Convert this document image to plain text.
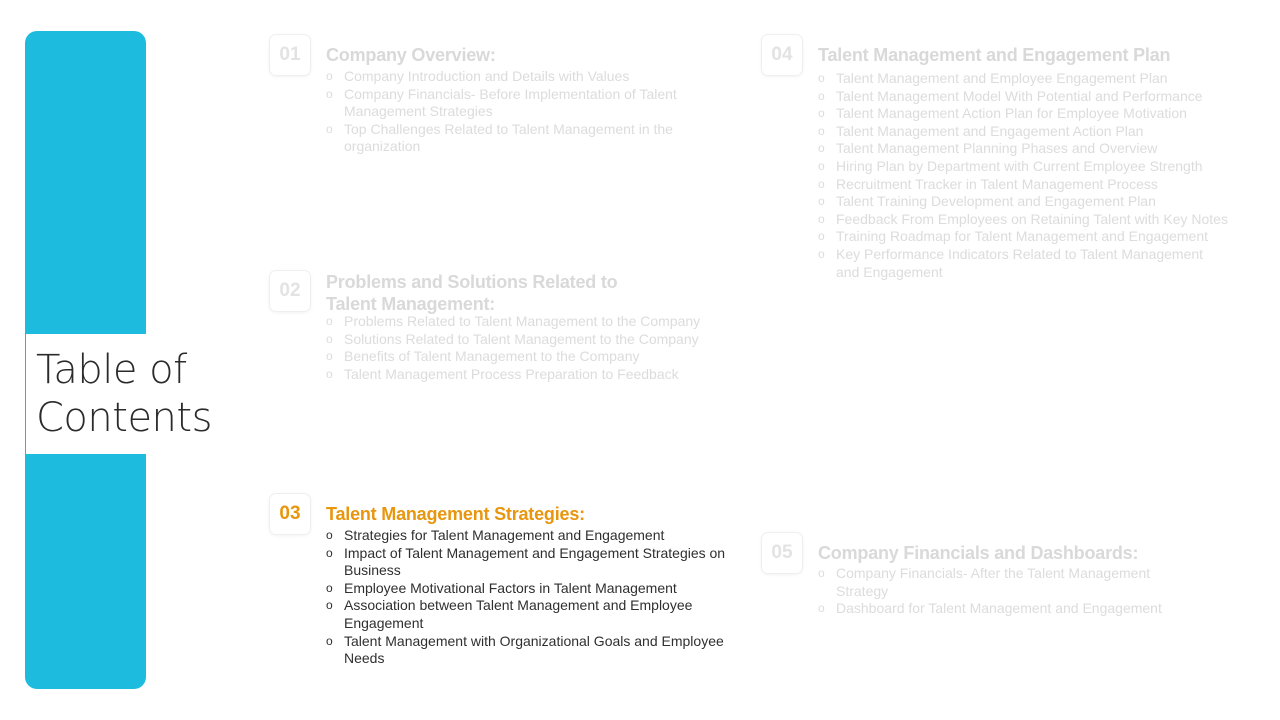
Table of
Contents
01	Company Overview:
o Company Introduction and Details with Values
o Company Financials- Before Implementation of Talent Management Strategies
o Top Challenges Related to Talent Management in the organization
02	Problems and Solutions Related to Talent Management:
o Problems Related to Talent Management to the Company
o Solutions Related to Talent Management to the Company
o Benefits of Talent Management to the Company
o Talent Management Process Preparation to Feedback
03	Talent Management Strategies:
o Strategies for Talent Management and Engagement
o Impact of Talent Management and Engagement Strategies on Business
o Employee Motivational Factors in Talent Management
o Association between Talent Management and Employee Engagement
o Talent Management with Organizational Goals and Employee Needs
04	Talent Management and Engagement Plan
o Talent Management and Employee Engagement Plan
o Talent Management Model With Potential and Performance
o Talent Management Action Plan for Employee Motivation
o Talent Management and Engagement Action Plan
o Talent Management Planning Phases and Overview
o Hiring Plan by Department with Current Employee Strength
o Recruitment Tracker in Talent Management Process
o Talent Training Development and Engagement Plan
o Feedback From Employees on Retaining Talent with Key Notes
o Training Roadmap for Talent Management and Engagement
o Key Performance Indicators Related to Talent Management and Engagement
05	Company Financials and Dashboards:
o Company Financials- After the Talent Management Strategy
o Dashboard for Talent Management and Engagement
